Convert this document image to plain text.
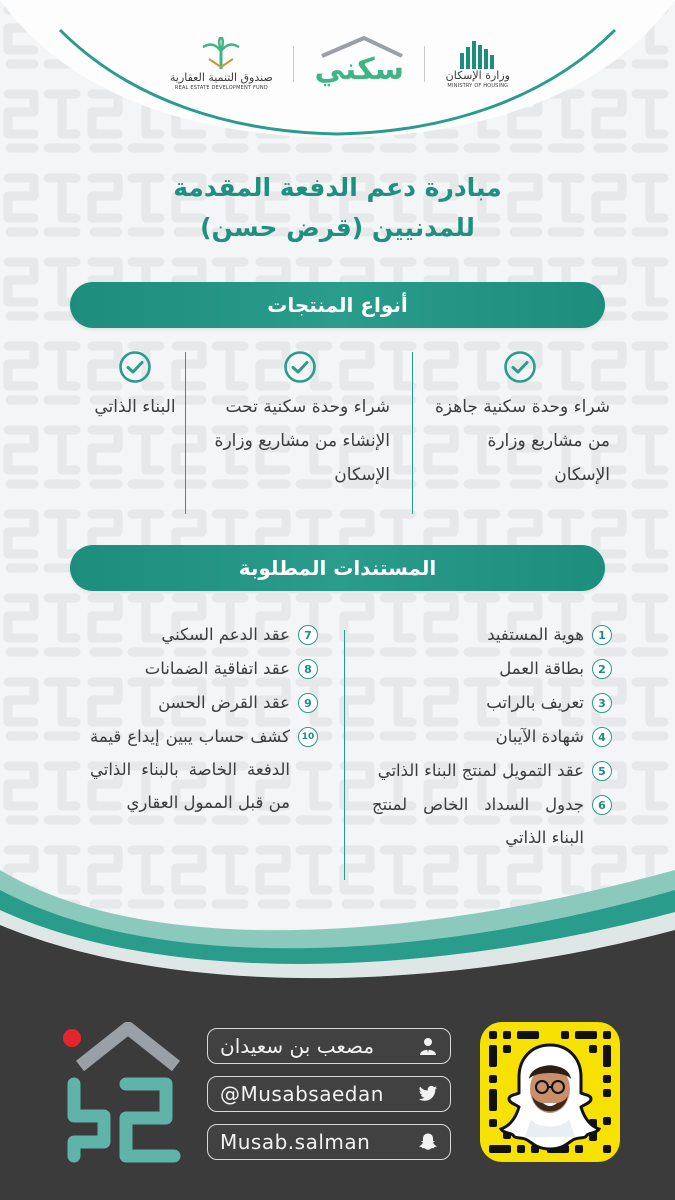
صندوق التنمية العقارية
REAL ESTATE DEVELOPMENT FUND
سكني	وزارة الإسكان
MINISTRY OF HOUSING
مبادرة دعم الدفعة المقدمة
للمدنيين (قرض حسن)
أنواع المنتجات
شراء وحدة سكنية جاهزة من مشاريع وزارة الإسكان
شراء وحدة سكنية تحت الإنشاء من مشاريع وزارة الإسكان
البناء الذاتي
المستندات المطلوبة
1
هوية المستفيد
2
بطاقة العمل
3
تعريف بالراتب
4
شهادة الآيبان
5
عقد التمويل لمنتج البناء الذاتي
6
جدول السداد الخاص لمنتج البناء الذاتي
7
عقد الدعم السكني
8
عقد اتفاقية الضمانات
9
عقد القرض الحسن
10
كشف حساب يبين إيداع قيمة الدفعة الخاصة بالبناء الذاتي من قبل الممول العقاري
مصعب بن سعيدان
@Musabsaedan
Musab.salman
